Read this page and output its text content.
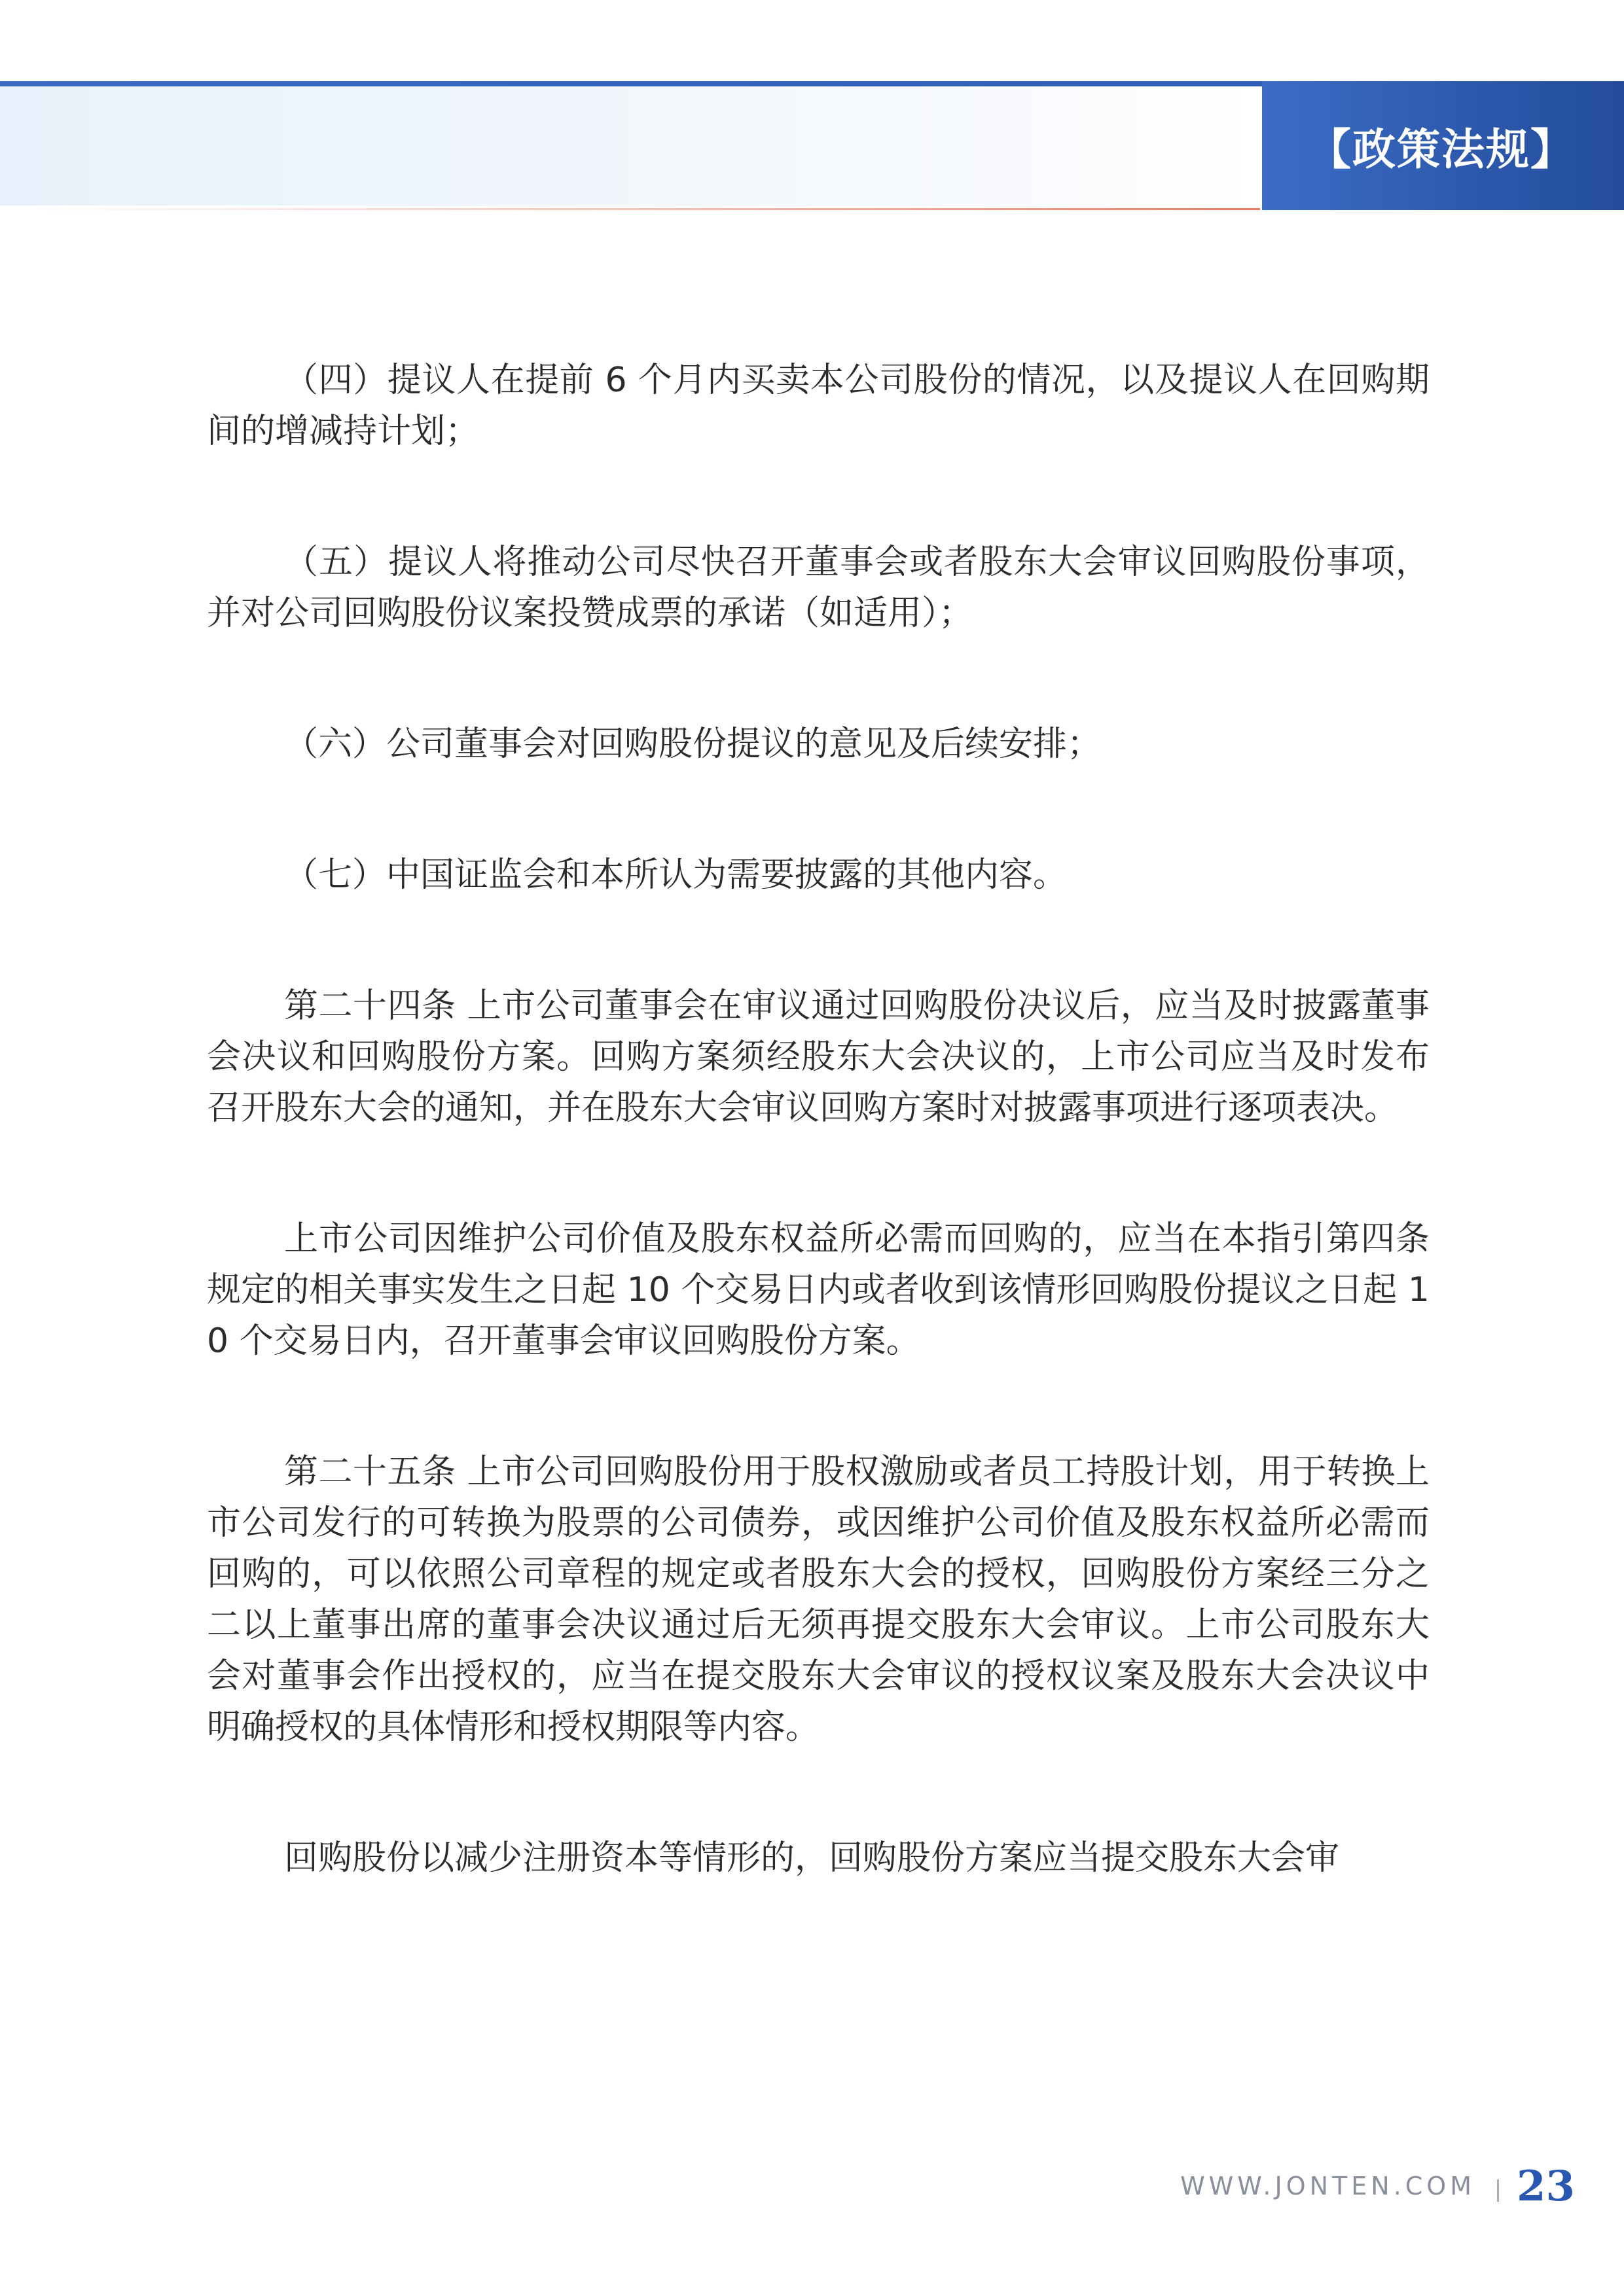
【政策法规】

（四）提议人在提前 6 个月内买卖本公司股份的情况，以及提议人在回购期间的增减持计划；

（五）提议人将推动公司尽快召开董事会或者股东大会审议回购股份事项，并对公司回购股份议案投赞成票的承诺（如适用）；

（六）公司董事会对回购股份提议的意见及后续安排；

（七）中国证监会和本所认为需要披露的其他内容。

第二十四条 上市公司董事会在审议通过回购股份决议后，应当及时披露董事会决议和回购股份方案。回购方案须经股东大会决议的，上市公司应当及时发布召开股东大会的通知，并在股东大会审议回购方案时对披露事项进行逐项表决。

上市公司因维护公司价值及股东权益所必需而回购的，应当在本指引第四条规定的相关事实发生之日起 10 个交易日内或者收到该情形回购股份提议之日起 10 个交易日内，召开董事会审议回购股份方案。

第二十五条 上市公司回购股份用于股权激励或者员工持股计划，用于转换上市公司发行的可转换为股票的公司债券，或因维护公司价值及股东权益所必需而回购的，可以依照公司章程的规定或者股东大会的授权，回购股份方案经三分之二以上董事出席的董事会决议通过后无须再提交股东大会审议。上市公司股东大会对董事会作出授权的，应当在提交股东大会审议的授权议案及股东大会决议中明确授权的具体情形和授权期限等内容。

回购股份以减少注册资本等情形的，回购股份方案应当提交股东大会审

WWW.JONTEN.COM 23
